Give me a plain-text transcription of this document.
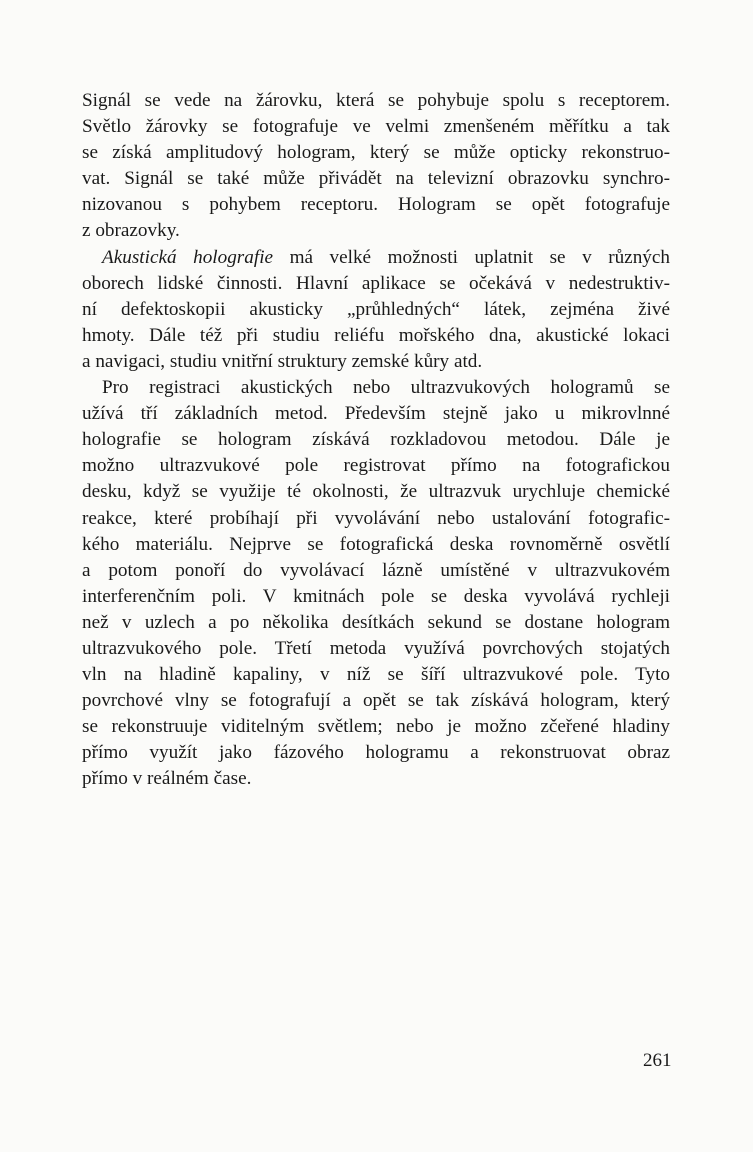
Signál se vede na žárovku, která se pohybuje spolu s receptorem.
Světlo žárovky se fotografuje ve velmi zmenšeném měřítku a tak
se získá amplitudový hologram, který se může opticky rekonstruo-
vat. Signál se také může přivádět na televizní obrazovku synchro-
nizovanou s pohybem receptoru. Hologram se opět fotografuje
z obrazovky.
Akustická holografie má velké možnosti uplatnit se v různých
oborech lidské činnosti. Hlavní aplikace se očekává v nedestruktiv-
ní defektoskopii akusticky „průhledných“ látek, zejména živé
hmoty. Dále též při studiu reliéfu mořského dna, akustické lokaci
a navigaci, studiu vnitřní struktury zemské kůry atd.
Pro registraci akustických nebo ultrazvukových hologramů se
užívá tří základních metod. Především stejně jako u mikrovlnné
holografie se hologram získává rozkladovou metodou. Dále je
možno ultrazvukové pole registrovat přímo na fotografickou
desku, když se využije té okolnosti, že ultrazvuk urychluje chemické
reakce, které probíhají při vyvolávání nebo ustalování fotografic-
kého materiálu. Nejprve se fotografická deska rovnoměrně osvětlí
a potom ponoří do vyvolávací lázně umístěné v ultrazvukovém
interferenčním poli. V kmitnách pole se deska vyvolává rychleji
než v uzlech a po několika desítkách sekund se dostane hologram
ultrazvukového pole. Třetí metoda využívá povrchových stojatých
vln na hladině kapaliny, v níž se šíří ultrazvukové pole. Tyto
povrchové vlny se fotografují a opět se tak získává hologram, který
se rekonstruuje viditelným světlem; nebo je možno zčeřené hladiny
přímo využít jako fázového hologramu a rekonstruovat obraz
přímo v reálném čase.
261
